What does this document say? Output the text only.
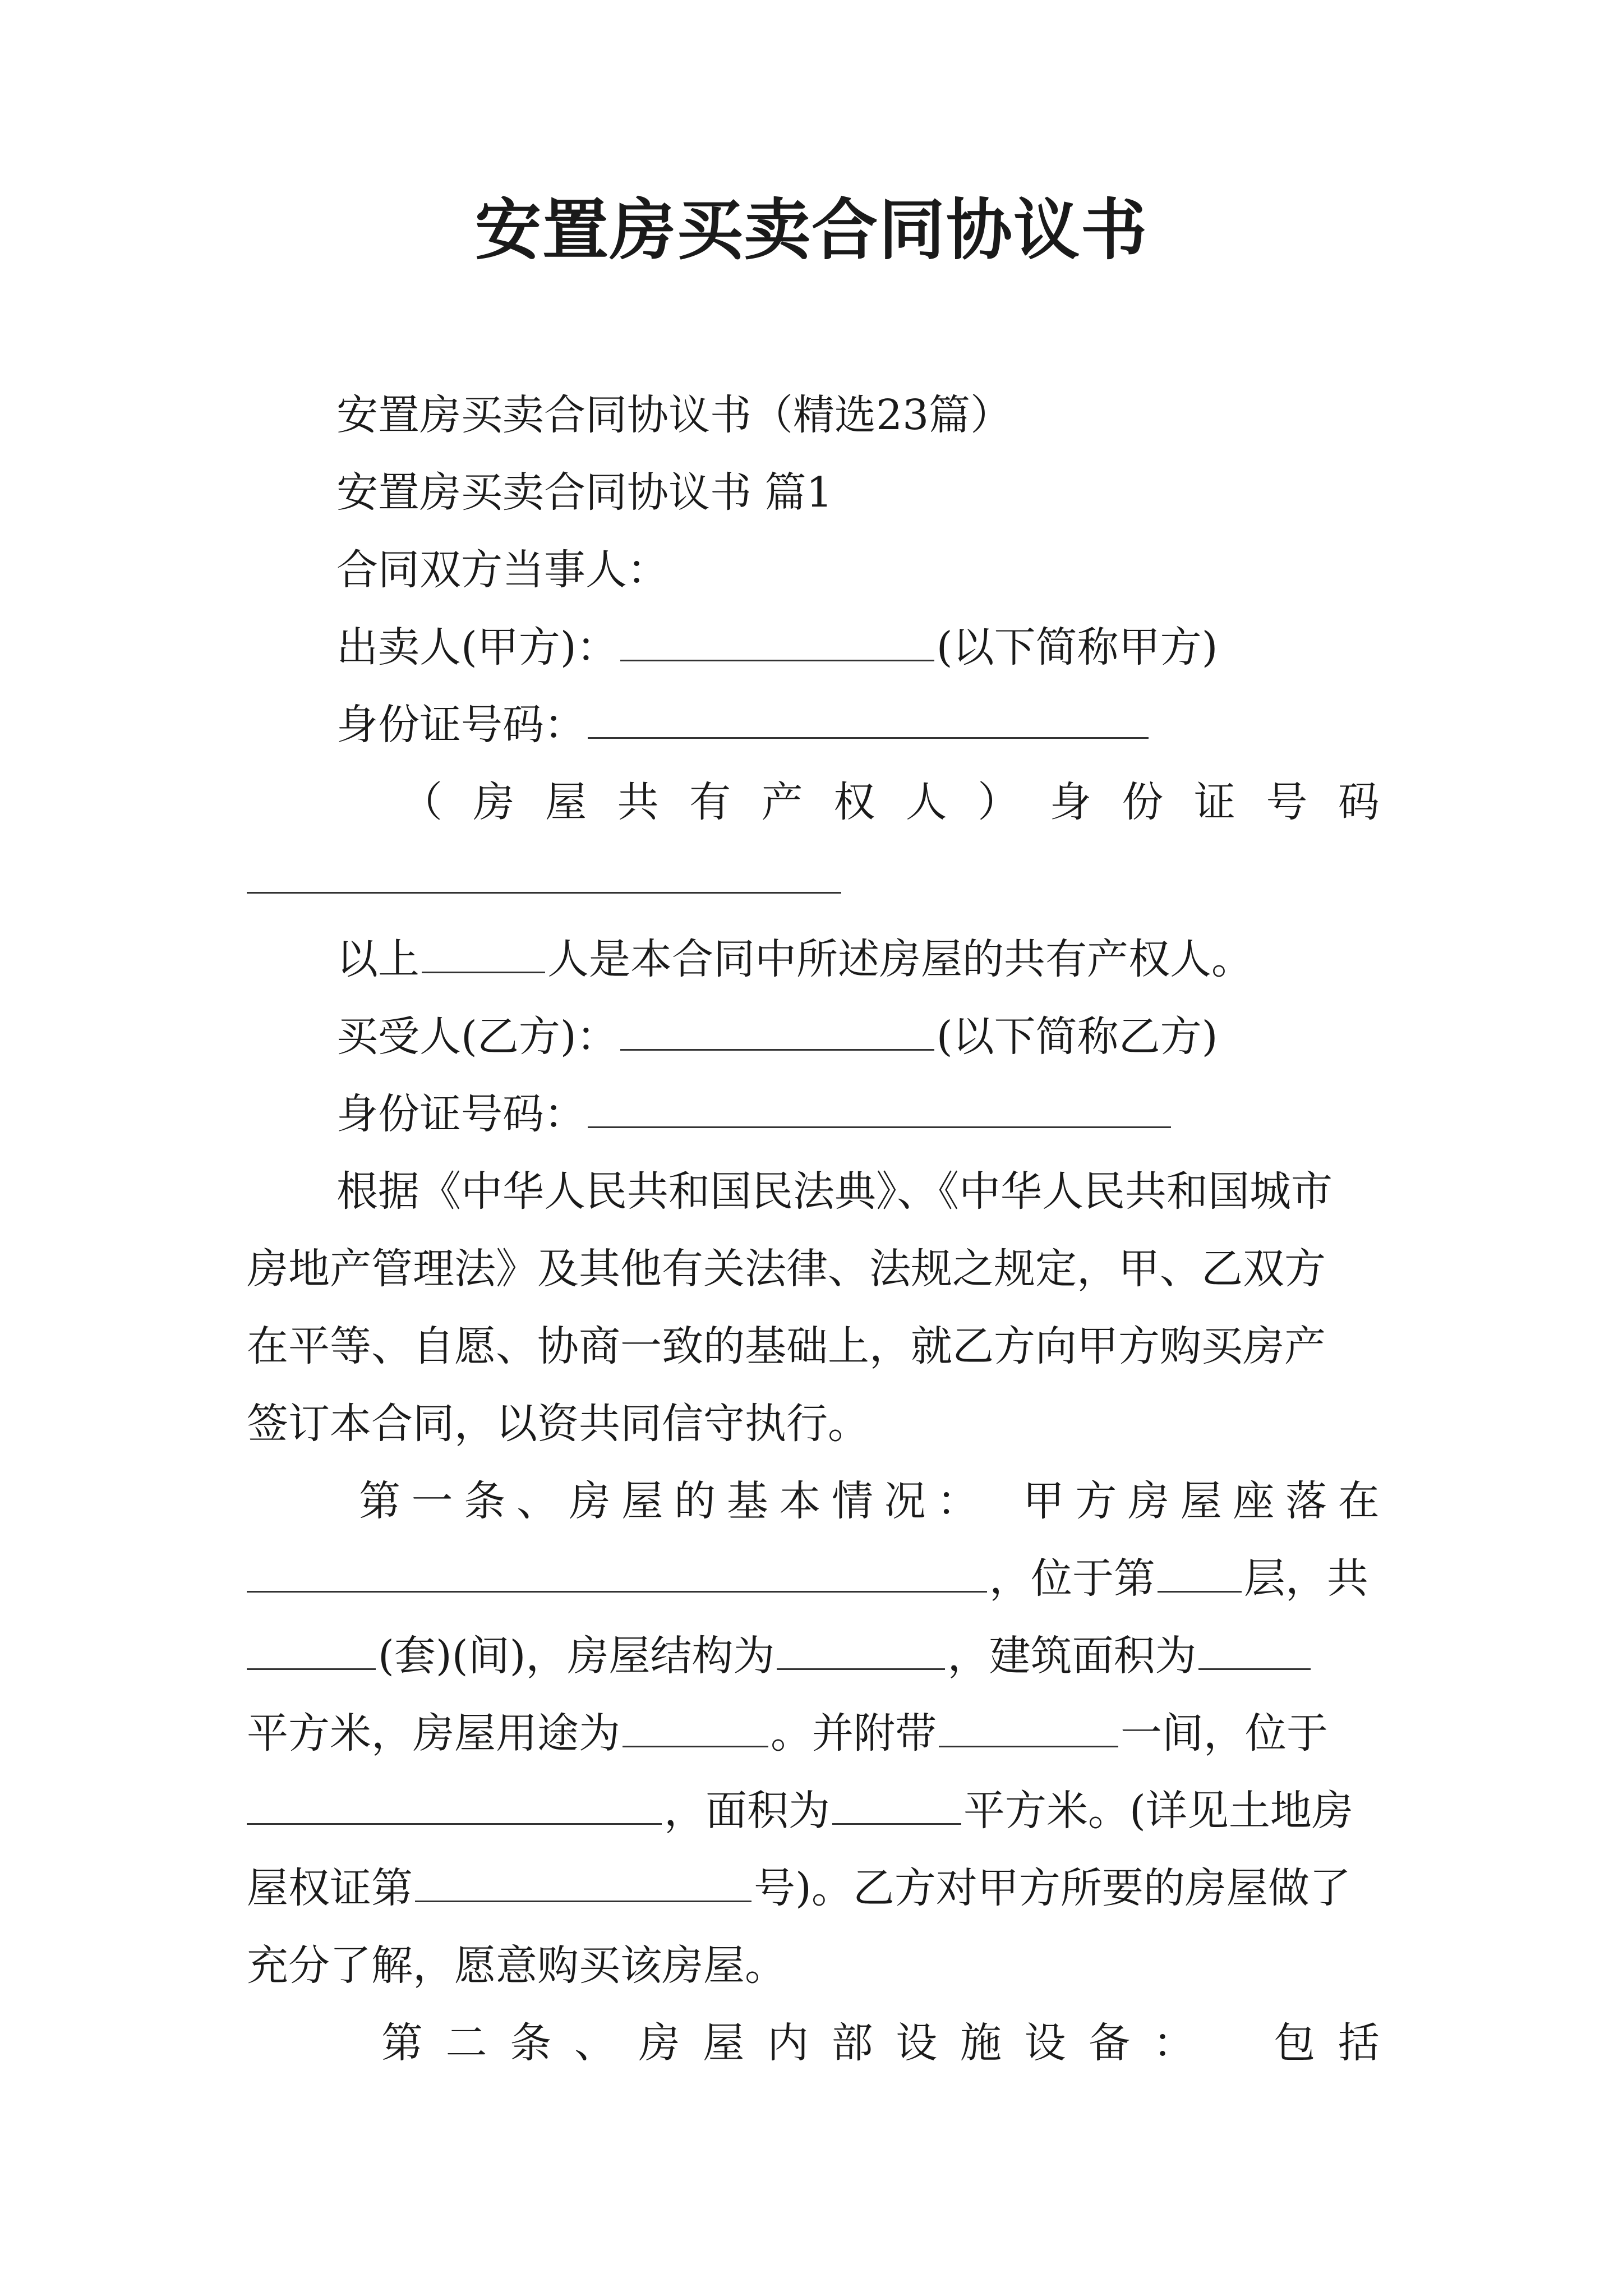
安置房买卖合同协议书
安置房买卖合同协议书（精选23篇）
安置房买卖合同协议书 篇1
合同双方当事人：
出卖人(甲方)：	(以下简称甲方)
身份证号码：
（ 房 屋 共 有 产 权 人 ） 身 份 证 号 码
以上	人是本合同中所述房屋的共有产权人。
买受人(乙方)：	(以下简称乙方)
身份证号码：
根据《中华人民共和国民法典》、《中华人民共和国城市
房地产管理法》及其他有关法律、法规之规定，甲、乙双方
在平等、自愿、协商一致的基础上，就乙方向甲方购买房产
签订本合同，以资共同信守执行。
第 一 条 、 房 屋 的 基 本 情 况 ： 甲 方 房 屋 座 落 在
，位于第 层，共
(套)(间)，房屋结构为	，建筑面积为
平方米，房屋用途为	。并附带	一间，位于
，面积为	平方米。(详见土地房
屋权证第	号)。乙方对甲方所要的房屋做了
充分了解，愿意购买该房屋。
第 二 条 、 房 屋 内 部 设 施 设 备 ： 包 括
